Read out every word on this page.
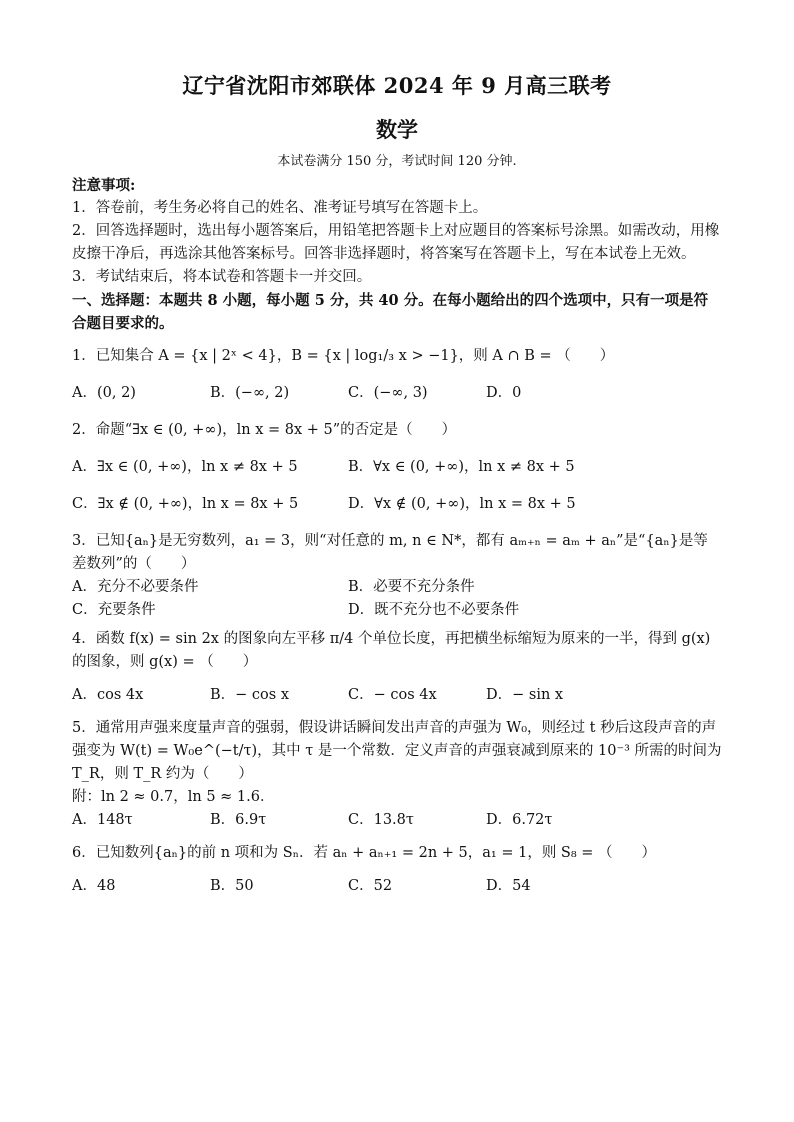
辽宁省沈阳市郊联体 2024 年 9 月高三联考
数学
本试卷满分 150 分，考试时间 120 分钟.

注意事项:

1．答卷前，考生务必将自己的姓名、准考证号填写在答题卡上。

2．回答选择题时，选出每小题答案后，用铅笔把答题卡上对应题目的答案标号涂黑。如需改动，用橡皮擦干净后，再选涂其他答案标号。回答非选择题时，将答案写在答题卡上，写在本试卷上无效。

3．考试结束后，将本试卷和答题卡一并交回。

一、选择题：本题共 8 小题，每小题 5 分，共 40 分。在每小题给出的四个选项中，只有一项是符合题目要求的。

1．已知集合 A = {x | 2ˣ < 4}，B = {x | log₁/₃ x > −1}，则 A ∩ B = （　　）

A．(0, 2)	B．(−∞, 2)	C．(−∞, 3)	D．0

2．命题“∃x ∈ (0, +∞)，ln x = 8x + 5”的否定是（　　）

A．∃x ∈ (0, +∞)，ln x ≠ 8x + 5	B．∀x ∈ (0, +∞)，ln x ≠ 8x + 5
C．∃x ∉ (0, +∞)，ln x = 8x + 5	D．∀x ∉ (0, +∞)，ln x = 8x + 5

3．已知{aₙ}是无穷数列，a₁ = 3，则“对任意的 m, n ∈ N*，都有 aₘ₊ₙ = aₘ + aₙ”是“{aₙ}是等差数列”的（　　）

A．充分不必要条件	B．必要不充分条件
C．充要条件	D．既不充分也不必要条件

4．函数 f(x) = sin 2x 的图象向左平移 π/4 个单位长度，再把横坐标缩短为原来的一半，得到 g(x) 的图象，则 g(x) = （　　）

A．cos 4x	B．− cos x	C．− cos 4x	D．− sin x

5．通常用声强来度量声音的强弱，假设讲话瞬间发出声音的声强为 W₀，则经过 t 秒后这段声音的声强变为 W(t) = W₀e^(−t/τ)，其中 τ 是一个常数．定义声音的声强衰减到原来的 10⁻³ 所需的时间为 T_R，则 T_R 约为（　　）

附：ln 2 ≈ 0.7，ln 5 ≈ 1.6．

A．148τ	B．6.9τ	C．13.8τ	D．6.72τ

6．已知数列{aₙ}的前 n 项和为 Sₙ．若 aₙ + aₙ₊₁ = 2n + 5，a₁ = 1，则 S₈ = （　　）

A．48	B．50	C．52	D．54
